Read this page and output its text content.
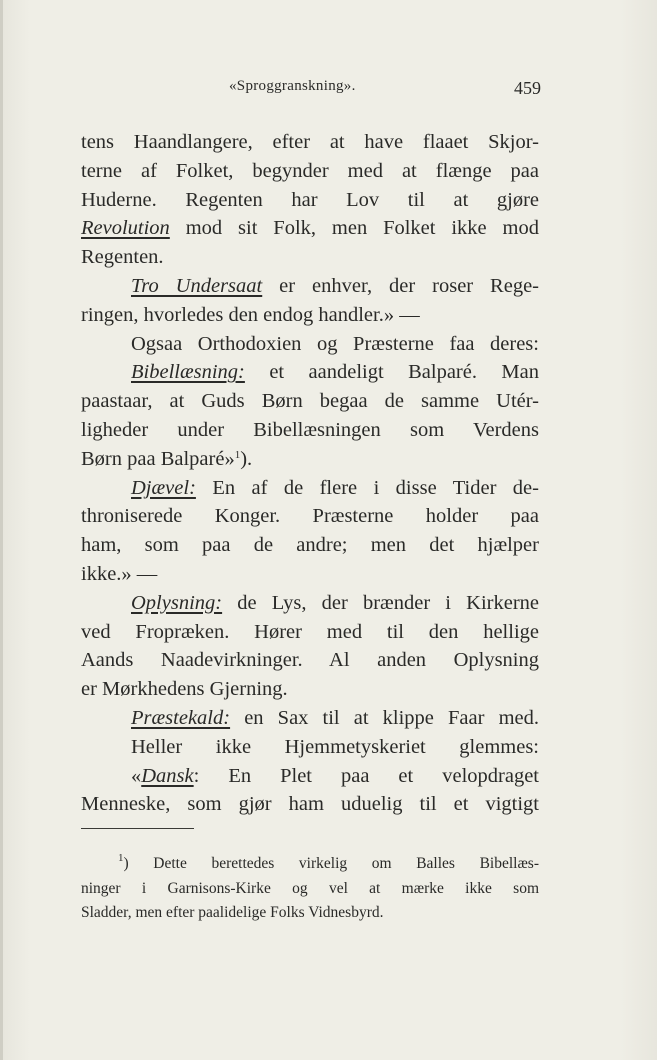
«Sproggranskning».	459
tens Haandlangere, efter at have flaaet Skjor-
terne af Folket, begynder med at flænge paa
Huderne. Regenten har Lov til at gjøre
Revolution mod sit Folk, men Folket ikke mod
Regenten.
Tro Undersaat er enhver, der roser Rege-
ringen, hvorledes den endog handler.» —
Ogsaa Orthodoxien og Præsterne faa deres:
Bibellæsning: et aandeligt Balparé. Man
paastaar, at Guds Børn begaa de samme Utér-
ligheder under Bibellæsningen som Verdens
Børn paa Balparé»$^1$).
Djævel: En af de flere i disse Tider de-
throniserede Konger. Præsterne holder paa
ham, som paa de andre; men det hjælper
ikke.» —
Oplysning: de Lys, der brænder i Kirkerne
ved Fropræken. Hører med til den hellige
Aands Naadevirkninger. Al anden Oplysning
er Mørkhedens Gjerning.
Præstekald: en Sax til at klippe Faar med.
Heller ikke Hjemmetyskeriet glemmes:
«Dansk: En Plet paa et velopdraget
Menneske, som gjør ham uduelig til et vigtigt
$^1$) Dette berettedes virkelig om Balles Bibellæs-
ninger i Garnisons-Kirke og vel at mærke ikke som
Sladder, men efter paalidelige Folks Vidnesbyrd.
